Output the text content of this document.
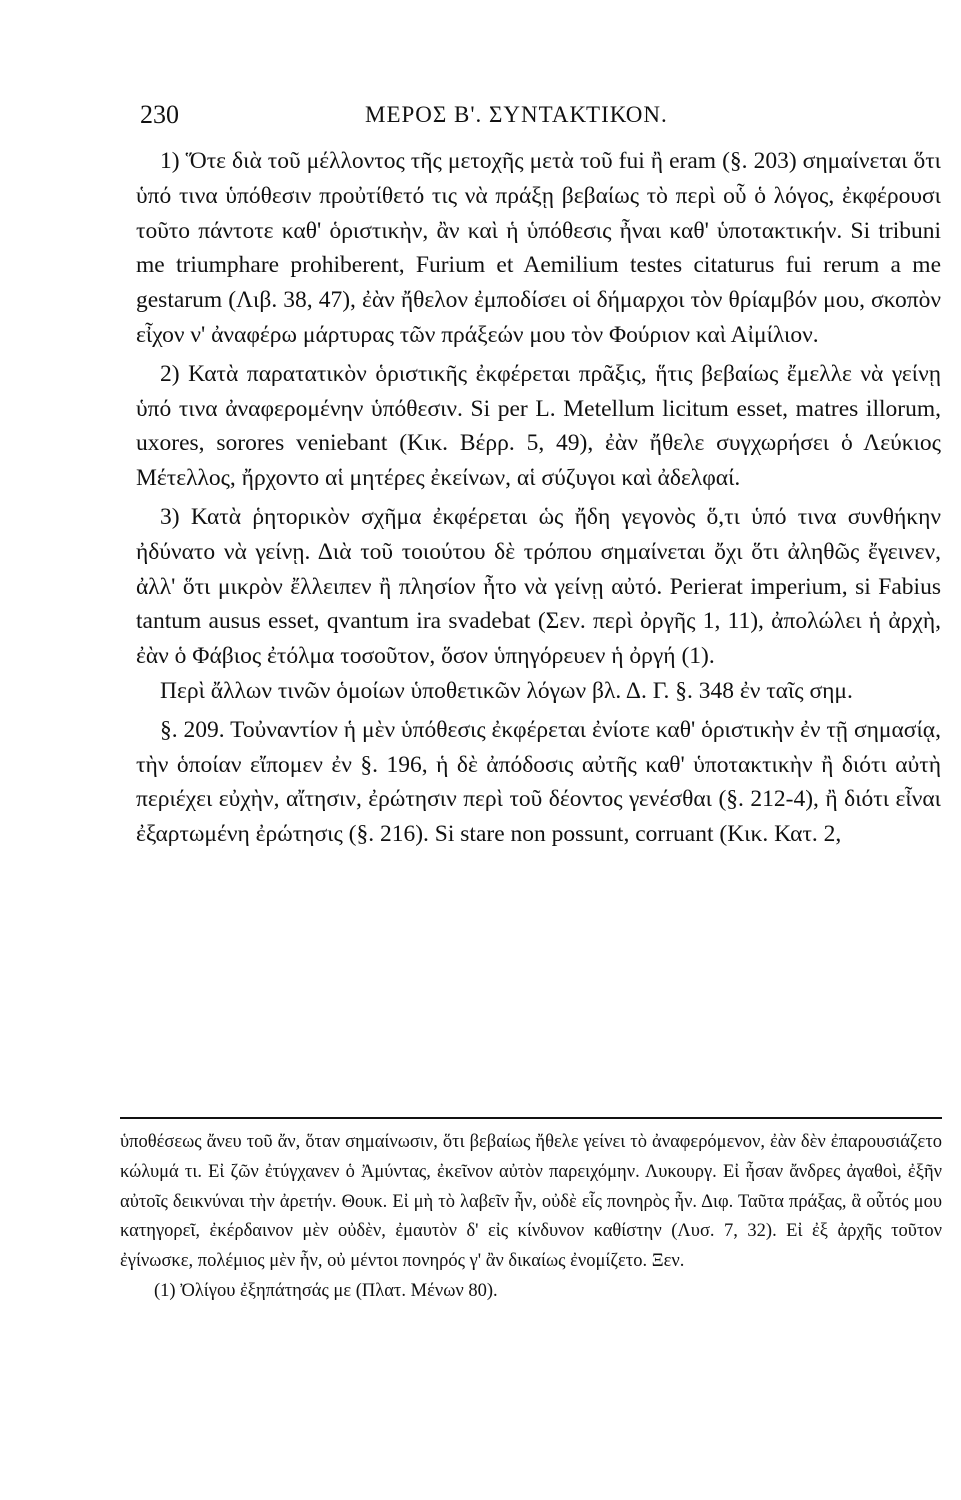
230	ΜΕΡΟΣ Β'. ΣΥΝΤΑΚΤΙΚΟΝ.

1) Ὅτε διὰ τοῦ μέλλοντος τῆς μετοχῆς μετὰ τοῦ fui ἢ eram (§. 203) σημαίνεται ὅτι ὑπό τινα ὑπόθεσιν προὐτίθετό τις νὰ πράξῃ βεβαίως τὸ περὶ οὗ ὁ λόγος, ἐκφέρουσι τοῦτο πάντοτε καθ' ὁριστικὴν, ἂν καὶ ἡ ὑπόθεσις ἦναι καθ' ὑποτακτικήν. Si tribuni me triumphare prohiberent, Furium et Aemilium testes citaturus fui rerum a me gestarum (Λιβ. 38, 47), ἐὰν ἤθελον ἐμποδίσει οἱ δήμαρχοι τὸν θρίαμβόν μου, σκοπὸν εἶχον ν' ἀναφέρω μάρτυρας τῶν πράξεών μου τὸν Φούριον καὶ Αἰμίλιον.

2) Κατὰ παρατατικὸν ὁριστικῆς ἐκφέρεται πρᾶξις, ἥτις βεβαίως ἔμελλε νὰ γείνῃ ὑπό τινα ἀναφερομένην ὑπόθεσιν. Si per L. Metellum licitum esset, matres illorum, uxores, sorores veniebant (Κικ. Βέρρ. 5, 49), ἐὰν ἤθελε συγχωρήσει ὁ Λεύκιος Μέτελλος, ἤρχοντο αἱ μητέρες ἐκείνων, αἱ σύζυγοι καὶ ἀδελφαί.

3) Κατὰ ῥητορικὸν σχῆμα ἐκφέρεται ὡς ἤδη γεγονὸς ὅ,τι ὑπό τινα συνθήκην ἠδύνατο νὰ γείνῃ. Διὰ τοῦ τοιούτου δὲ τρόπου σημαίνεται ὄχι ὅτι ἀληθῶς ἔγεινεν, ἀλλ' ὅτι μικρὸν ἔλλειπεν ἢ πλησίον ἦτο νὰ γείνῃ αὐτό. Perierat imperium, si Fabius tantum ausus esset, qvantum ira svadebat (Σεν. περὶ ὀργῆς 1, 11), ἀπολώλει ἡ ἀρχὴ, ἐὰν ὁ Φάβιος ἐτόλμα τοσοῦτον, ὅσον ὑπηγόρευεν ἡ ὀργή (1).

Περὶ ἄλλων τινῶν ὁμοίων ὑποθετικῶν λόγων βλ. Δ. Γ. §. 348 ἐν ταῖς σημ.

§. 209. Τοὐναντίον ἡ μὲν ὑπόθεσις ἐκφέρεται ἐνίοτε καθ' ὁριστικὴν ἐν τῇ σημασίᾳ, τὴν ὁποίαν εἴπομεν ἐν §. 196, ἡ δὲ ἀπόδοσις αὐτῆς καθ' ὑποτακτικὴν ἢ διότι αὐτὴ περιέχει εὐχὴν, αἴτησιν, ἐρώτησιν περὶ τοῦ δέοντος γενέσθαι (§. 212-4), ἢ διότι εἶναι ἐξαρτωμένη ἐρώτησις (§. 216). Si stare non possunt, corruant (Κικ. Κατ. 2,

ὑποθέσεως ἄνευ τοῦ ἄν, ὅταν σημαίνωσιν, ὅτι βεβαίως ἤθελε γείνει τὸ ἀναφερόμενον, ἐὰν δὲν ἐπαρουσιάζετο κώλυμά τι. Εἰ ζῶν ἐτύγχανεν ὁ Ἀμύντας, ἐκεῖνον αὐτὸν παρειχόμην. Λυκουργ. Εἰ ἦσαν ἄνδρες ἀγαθοὶ, ἐξῆν αὐτοῖς δεικνύναι τὴν ἀρετήν. Θουκ. Εἰ μὴ τὸ λαβεῖν ἦν, οὐδὲ εἷς πονηρὸς ἦν. Διφ. Ταῦτα πράξας, ἃ οὗτός μου κατηγορεῖ, ἐκέρδαινον μὲν οὐδὲν, ἐμαυτὸν δ' εἰς κίνδυνον καθίστην (Λυσ. 7, 32). Εἰ ἐξ ἀρχῆς τοῦτον ἐγίνωσκε, πολέμιος μὲν ἦν, οὐ μέντοι πονηρός γ' ἂν δικαίως ἐνομίζετο. Ξεν.

(1) Ὀλίγου ἐξηπάτησάς με (Πλατ. Μένων 80).
